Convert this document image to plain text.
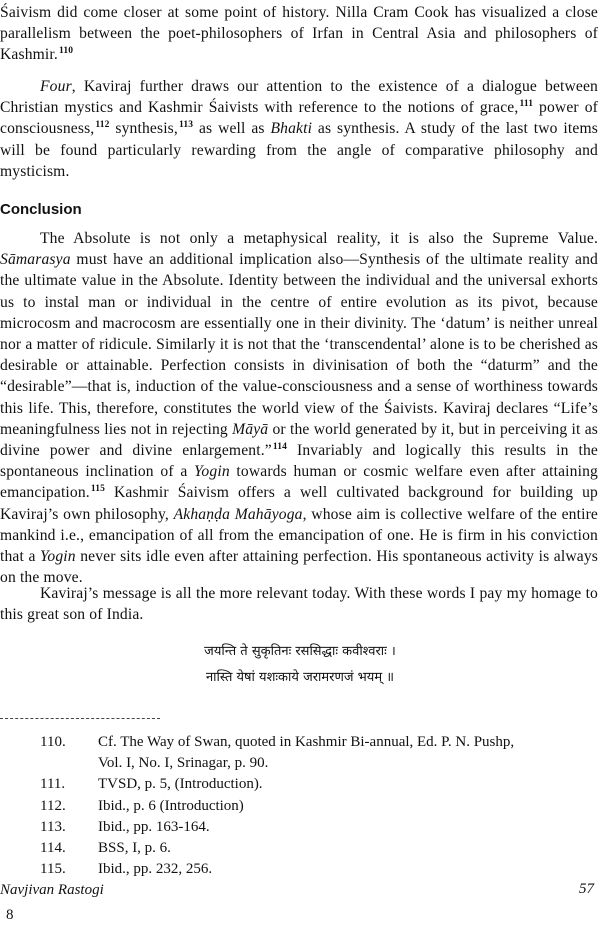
Śaivism did come closer at some point of history. Nilla Cram Cook has visualized a close parallelism between the poet-philosophers of Irfan in Central Asia and philosophers of Kashmir.$^{110}$

Four, Kaviraj further draws our attention to the existence of a dialogue between Christian mystics and Kashmir Śaivists with reference to the notions of grace,$^{111}$ power of consciousness,$^{112}$ synthesis,$^{113}$ as well as Bhakti as synthesis. A study of the last two items will be found particularly rewarding from the angle of comparative philosophy and mysticism.

Conclusion

The Absolute is not only a metaphysical reality, it is also the Supreme Value. Sāmarasya must have an additional implication also—Synthesis of the ultimate reality and the ultimate value in the Absolute. Identity between the individual and the universal exhorts us to instal man or individual in the centre of entire evolution as its pivot, because microcosm and macrocosm are essentially one in their divinity. The ‘datum’ is neither unreal nor a matter of ridicule. Similarly it is not that the ‘transcendental’ alone is to be cherished as desirable or attainable. Perfection consists in divinisation of both the “daturm” and the “desirable”—that is, induction of the value-consciousness and a sense of worthiness towards this life. This, therefore, constitutes the world view of the Śaivists. Kaviraj declares “Life’s meaningfulness lies not in rejecting Māyā or the world generated by it, but in perceiving it as divine power and divine enlargement.”$^{114}$ Invariably and logically this results in the spontaneous inclination of a Yogin towards human or cosmic welfare even after attaining emancipation.$^{115}$ Kashmir Śaivism offers a well cultivated background for building up Kaviraj’s own philosophy, Akhaṇḍa Mahāyoga, whose aim is collective welfare of the entire mankind i.e., emancipation of all from the emancipation of one. He is firm in his conviction that a Yogin never sits idle even after attaining perfection. His spontaneous activity is always on the move.

Kaviraj’s message is all the more relevant today. With these words I pay my homage to this great son of India.

जयन्ति ते सुकृतिनः रससिद्धाः कवीश्वराः ।
नास्ति येषां यशःकाये जरामरणजं भयम् ॥
110.	Cf. The Way of Swan, quoted in Kashmir Bi-annual, Ed. P. N. Pushp,
Vol. I, No. I, Srinagar, p. 90.
111.	TVSD, p. 5, (Introduction).
112.	Ibid., p. 6 (Introduction)
113.	Ibid., pp. 163-164.
114.	BSS, I, p. 6.
115.	Ibid., pp. 232, 256.
Navjivan Rastogi	57
8
